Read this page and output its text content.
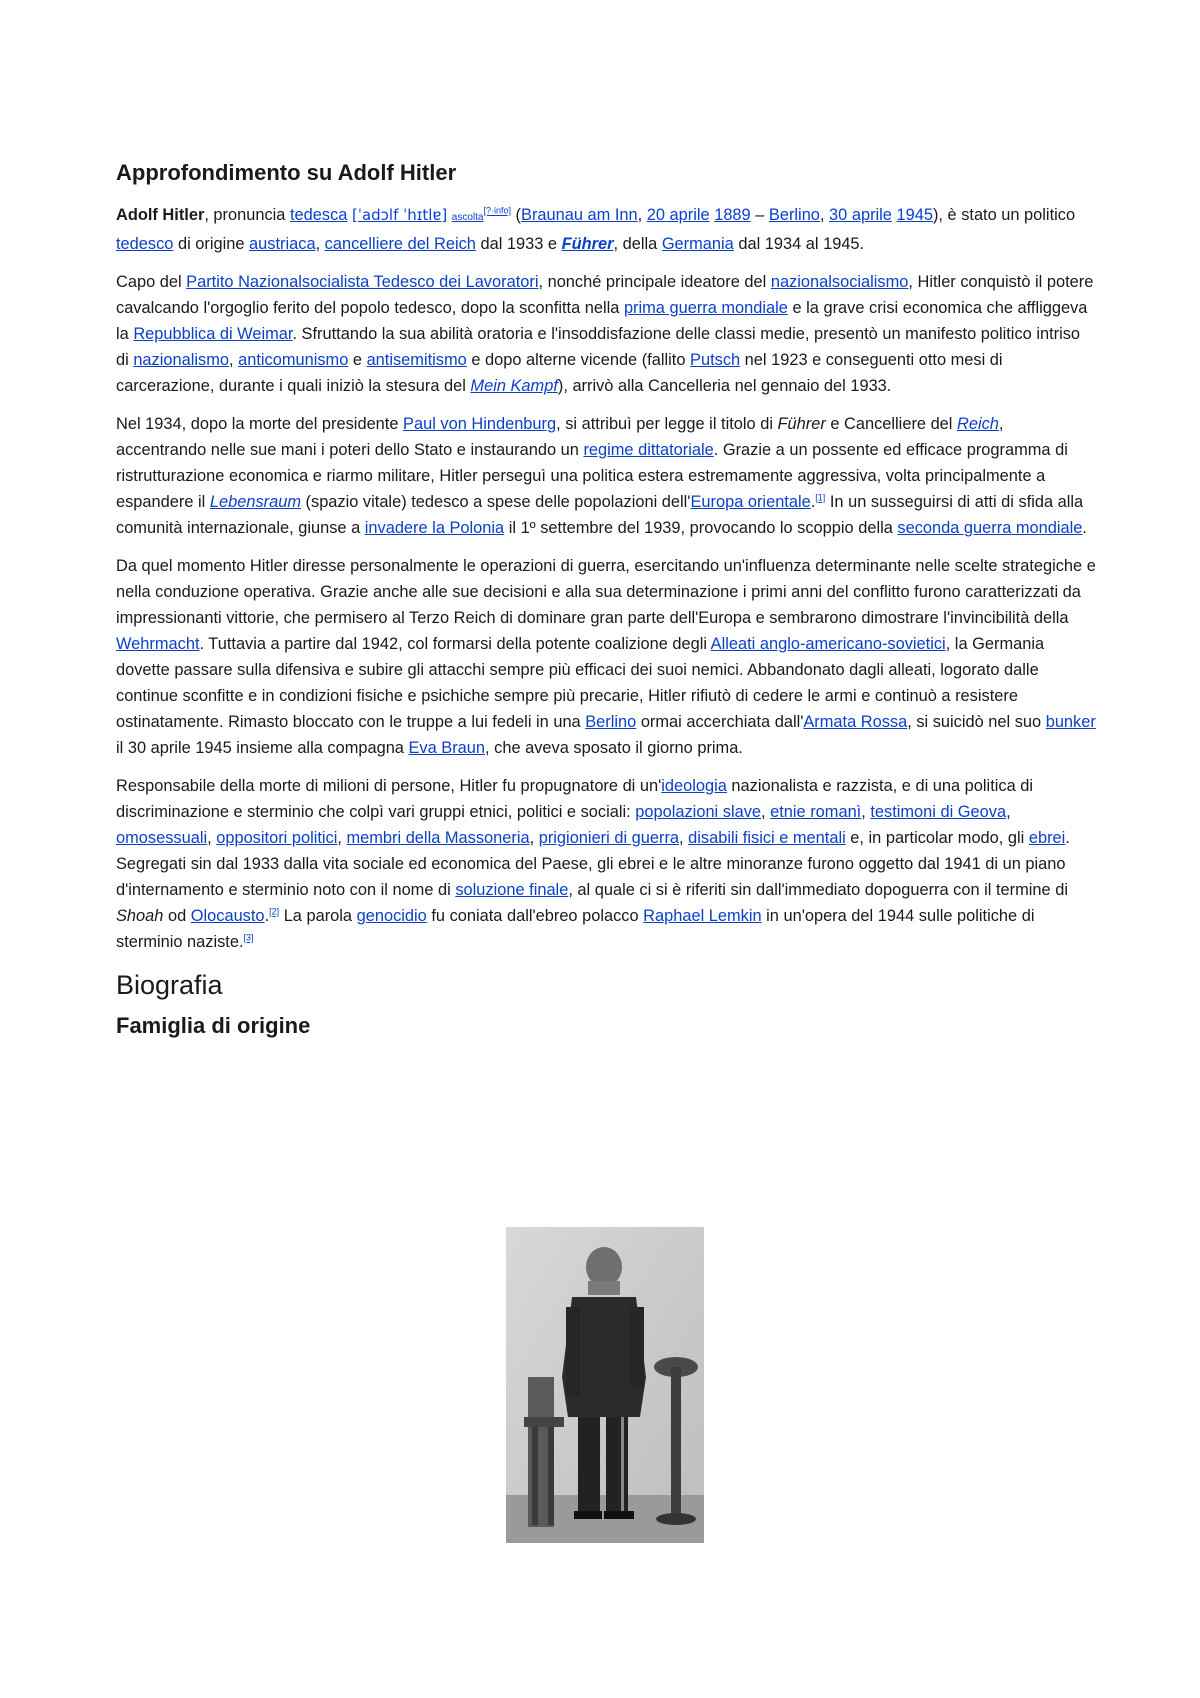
Approfondimento su Adolf Hitler

Adolf Hitler, pronuncia tedesca [ˈadɔlf ˈhɪtlɐ] ascolta[?·info] (Braunau am Inn, 20 aprile 1889 – Berlino, 30 aprile 1945), è stato un politico tedesco di origine austriaca, cancelliere del Reich dal 1933 e Führer, della Germania dal 1934 al 1945.

Capo del Partito Nazionalsocialista Tedesco dei Lavoratori, nonché principale ideatore del nazionalsocialismo, Hitler conquistò il potere cavalcando l'orgoglio ferito del popolo tedesco, dopo la sconfitta nella prima guerra mondiale e la grave crisi economica che affliggeva la Repubblica di Weimar. Sfruttando la sua abilità oratoria e l'insoddisfazione delle classi medie, presentò un manifesto politico intriso di nazionalismo, anticomunismo e antisemitismo e dopo alterne vicende (fallito Putsch nel 1923 e conseguenti otto mesi di carcerazione, durante i quali iniziò la stesura del Mein Kampf), arrivò alla Cancelleria nel gennaio del 1933.

Nel 1934, dopo la morte del presidente Paul von Hindenburg, si attribuì per legge il titolo di Führer e Cancelliere del Reich, accentrando nelle sue mani i poteri dello Stato e instaurando un regime dittatoriale. Grazie a un possente ed efficace programma di ristrutturazione economica e riarmo militare, Hitler perseguì una politica estera estremamente aggressiva, volta principalmente a espandere il Lebensraum (spazio vitale) tedesco a spese delle popolazioni dell'Europa orientale.[1] In un susseguirsi di atti di sfida alla comunità internazionale, giunse a invadere la Polonia il 1º settembre del 1939, provocando lo scoppio della seconda guerra mondiale.

Da quel momento Hitler diresse personalmente le operazioni di guerra, esercitando un'influenza determinante nelle scelte strategiche e nella conduzione operativa. Grazie anche alle sue decisioni e alla sua determinazione i primi anni del conflitto furono caratterizzati da impressionanti vittorie, che permisero al Terzo Reich di dominare gran parte dell'Europa e sembrarono dimostrare l'invincibilità della Wehrmacht. Tuttavia a partire dal 1942, col formarsi della potente coalizione degli Alleati anglo-americano-sovietici, la Germania dovette passare sulla difensiva e subire gli attacchi sempre più efficaci dei suoi nemici. Abbandonato dagli alleati, logorato dalle continue sconfitte e in condizioni fisiche e psichiche sempre più precarie, Hitler rifiutò di cedere le armi e continuò a resistere ostinatamente. Rimasto bloccato con le truppe a lui fedeli in una Berlino ormai accerchiata dall'Armata Rossa, si suicidò nel suo bunker il 30 aprile 1945 insieme alla compagna Eva Braun, che aveva sposato il giorno prima.

Responsabile della morte di milioni di persone, Hitler fu propugnatore di un'ideologia nazionalista e razzista, e di una politica di discriminazione e sterminio che colpì vari gruppi etnici, politici e sociali: popolazioni slave, etnie romanì, testimoni di Geova, omosessuali, oppositori politici, membri della Massoneria, prigionieri di guerra, disabili fisici e mentali e, in particolar modo, gli ebrei. Segregati sin dal 1933 dalla vita sociale ed economica del Paese, gli ebrei e le altre minoranze furono oggetto dal 1941 di un piano d'internamento e sterminio noto con il nome di soluzione finale, al quale ci si è riferiti sin dall'immediato dopoguerra con il termine di Shoah od Olocausto.[2] La parola genocidio fu coniata dall'ebreo polacco Raphael Lemkin in un'opera del 1944 sulle politiche di sterminio naziste.[3]

Biografia
Famiglia di origine
